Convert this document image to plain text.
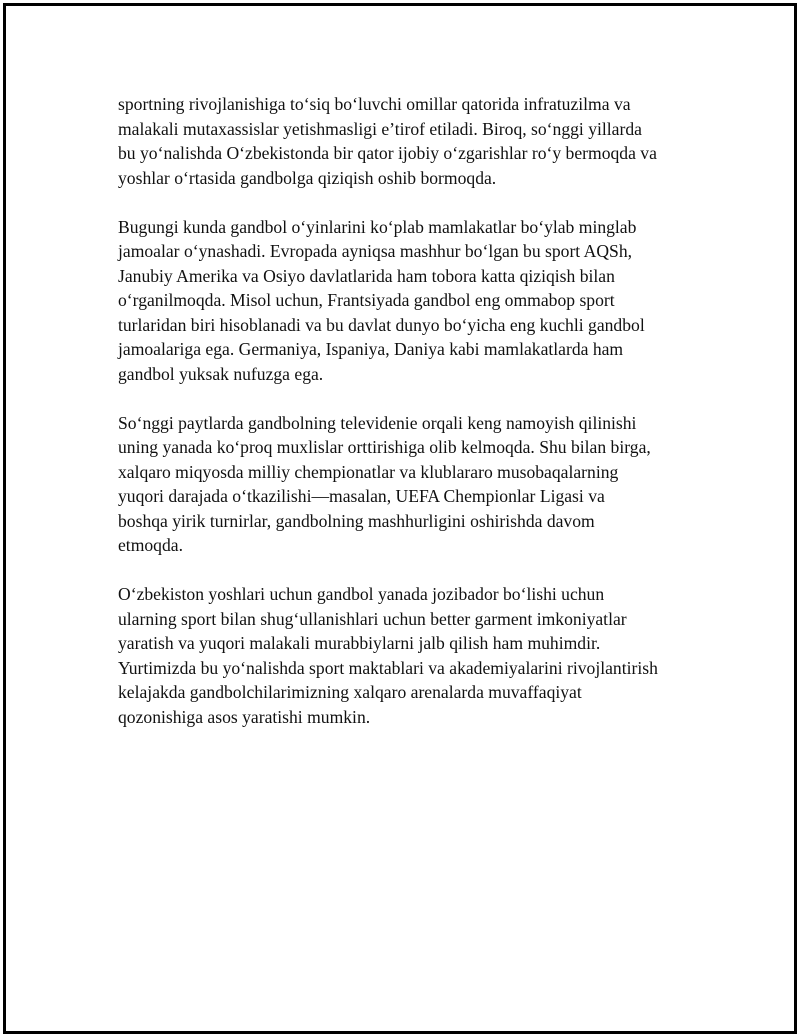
sportning rivojlanishiga to‘siq bo‘luvchi omillar qatorida infratuzilma va
malakali mutaxassislar yetishmasligi e’tirof etiladi. Biroq, so‘nggi yillarda
bu yo‘nalishda O‘zbekistonda bir qator ijobiy o‘zgarishlar ro‘y bermoqda va
yoshlar o‘rtasida gandbolga qiziqish oshib bormoqda.

Bugungi kunda gandbol o‘yinlarini ko‘plab mamlakatlar bo‘ylab minglab
jamoalar o‘ynashadi. Evropada ayniqsa mashhur bo‘lgan bu sport AQSh,
Janubiy Amerika va Osiyo davlatlarida ham tobora katta qiziqish bilan
o‘rganilmoqda. Misol uchun, Frantsiyada gandbol eng ommabop sport
turlaridan biri hisoblanadi va bu davlat dunyo bo‘yicha eng kuchli gandbol
jamoalariga ega. Germaniya, Ispaniya, Daniya kabi mamlakatlarda ham
gandbol yuksak nufuzga ega.

So‘nggi paytlarda gandbolning televidenie orqali keng namoyish qilinishi
uning yanada ko‘proq muxlislar orttirishiga olib kelmoqda. Shu bilan birga,
xalqaro miqyosda milliy chempionatlar va klublararo musobaqalarning
yuqori darajada o‘tkazilishi—masalan, UEFA Chempionlar Ligasi va
boshqa yirik turnirlar, gandbolning mashhurligini oshirishda davom
etmoqda.

O‘zbekiston yoshlari uchun gandbol yanada jozibador bo‘lishi uchun
ularning sport bilan shug‘ullanishlari uchun better garment imkoniyatlar
yaratish va yuqori malakali murabbiylarni jalb qilish ham muhimdir.
Yurtimizda bu yo‘nalishda sport maktablari va akademiyalarini rivojlantirish
kelajakda gandbolchilarimizning xalqaro arenalarda muvaffaqiyat
qozonishiga asos yaratishi mumkin.
